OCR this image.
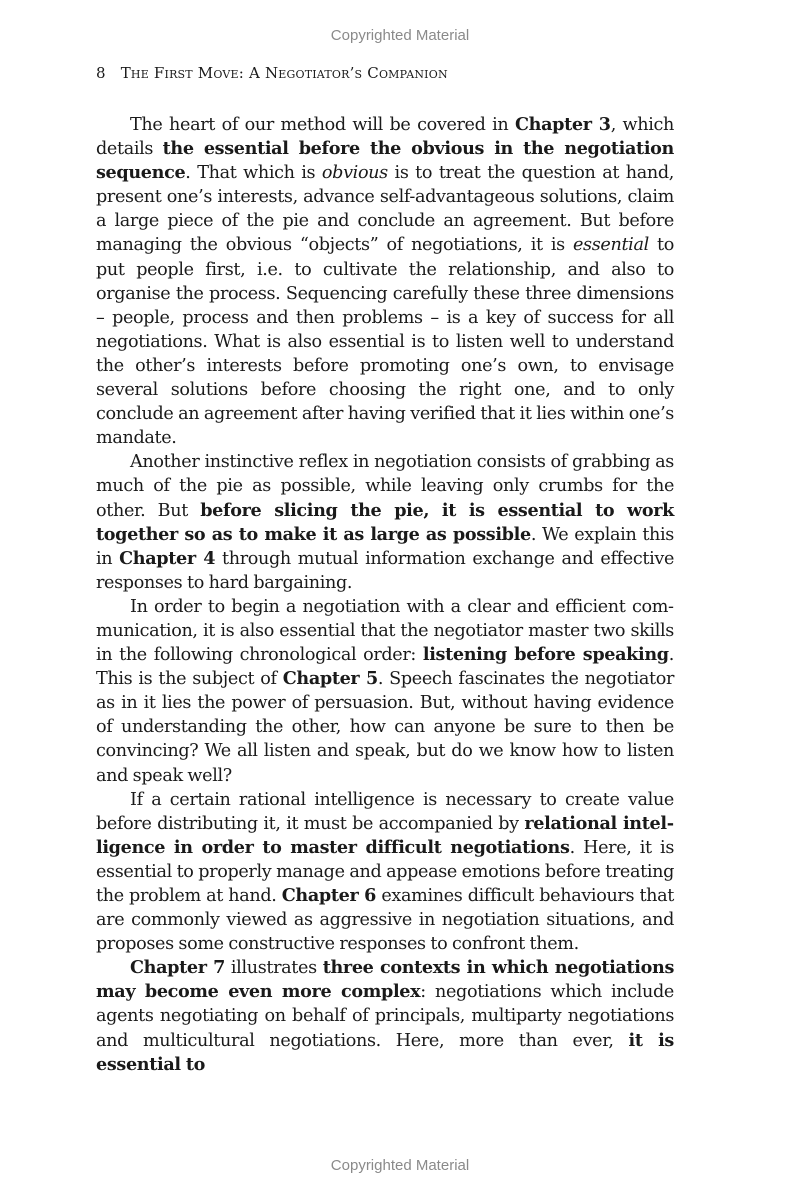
Copyrighted Material
8 The First Move: A Negotiator’s Companion

The heart of our method will be covered in Chapter 3, which details the essential before the obvious in the negotiation sequence. That which is obvious is to treat the question at hand, present one’s interests, advance self-advantageous solutions, claim a large piece of the pie and conclude an agreement. But before managing the obvious “objects” of negotiations, it is essential to put people first, i.e. to cultivate the relationship, and also to organise the process. Sequencing carefully these three dimensions – people, process and then problems – is a key of success for all negotiations. What is also essential is to listen well to understand the other’s interests before promoting one’s own, to envisage several solutions before choosing the right one, and to only conclude an agreement after having verified that it lies within one’s mandate.

Another instinctive reflex in negotiation consists of grabbing as much of the pie as possible, while leaving only crumbs for the other. But before slicing the pie, it is essential to work together so as to make it as large as possible. We explain this in Chapter 4 through mutual information exchange and effective responses to hard bargaining.

In order to begin a negotiation with a clear and efficient communication, it is also essential that the negotiator master two skills in the following chronological order: listening before speaking. This is the subject of Chapter 5. Speech fascinates the negotiator as in it lies the power of persuasion. But, without having evidence of understanding the other, how can anyone be sure to then be convincing? We all listen and speak, but do we know how to listen and speak well?

If a certain rational intelligence is necessary to create value before distributing it, it must be accompanied by relational intelligence in order to master difficult negotiations. Here, it is essential to properly manage and appease emotions before treating the problem at hand. Chapter 6 examines difficult behaviours that are commonly viewed as aggressive in negotiation situations, and proposes some constructive responses to confront them.

Chapter 7 illustrates three contexts in which negotiations may become even more complex: negotiations which include agents negotiating on behalf of principals, multiparty negotiations and multicultural negotiations. Here, more than ever, it is essential to

Copyrighted Material
